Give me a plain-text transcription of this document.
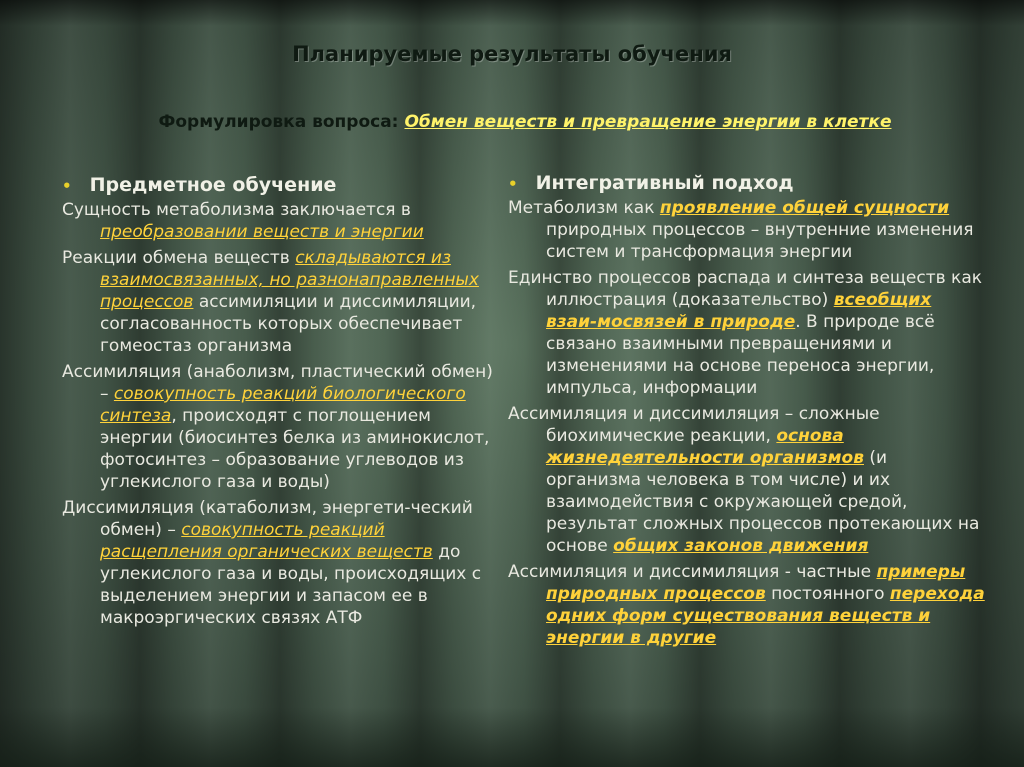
Планируемые результаты обучения
Формулировка вопроса: Обмен веществ и превращение энергии в клетке
• Предметное обучение
Сущность метаболизма заключается в преобразовании веществ и энергии
Реакции обмена веществ складываются из взаимосвязанных, но разнонаправленных процессов ассимиляции и диссимиляции, согласованность которых обеспечивает гомеостаз организма
Ассимиляция (анаболизм, пластический обмен) – совокупность реакций биологического синтеза, происходят с поглощением энергии (биосинтез белка из аминокислот, фотосинтез – образование углеводов из углекислого газа и воды)
Диссимиляция (катаболизм, энергети-ческий обмен) – совокупность реакций расщепления органических веществ до углекислого газа и воды, происходящих с выделением энергии и запасом ее в макроэргических связях АТФ
• Интегративный подход
Метаболизм как проявление общей сущности природных процессов – внутренние изменения систем и трансформация энергии
Единство процессов распада и синтеза веществ как иллюстрация (доказательство) всеобщих взаи-мосвязей в природе. В природе всё связано взаимными превращениями и изменениями на основе переноса энергии, импульса, информации
Ассимиляция и диссимиляция – сложные биохимические реакции, основа жизнедеятельности организмов (и организма человека в том числе) и их взаимодействия с окружающей средой, результат сложных процессов протекающих на основе общих законов движения
Ассимиляция и диссимиляция - частные примеры природных процессов постоянного перехода одних форм существования веществ и энергии в другие
